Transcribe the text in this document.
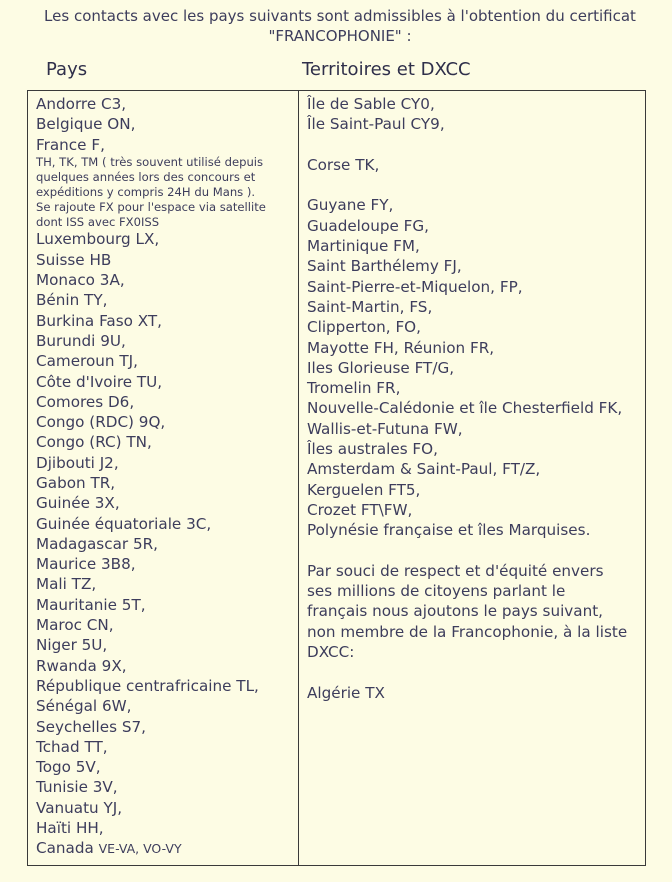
Les contacts avec les pays suivants sont admissibles à l'obtention du certificat
"FRANCOPHONIE" :

Pays	Territoires et DXCC
Andorre C3,
Belgique ON,
France F,
TH, TK, TM ( très souvent utilisé depuis
quelques années lors des concours et
expéditions y compris 24H du Mans ).
Se rajoute FX pour l'espace via satellite
dont ISS avec FX0ISS
Luxembourg LX,
Suisse HB
Monaco 3A,
Bénin TY,
Burkina Faso XT,
Burundi 9U,
Cameroun TJ,
Côte d'Ivoire TU,
Comores D6,
Congo (RDC) 9Q,
Congo (RC) TN,
Djibouti J2,
Gabon TR,
Guinée 3X,
Guinée équatoriale 3C,
Madagascar 5R,
Maurice 3B8,
Mali TZ,
Mauritanie 5T,
Maroc CN,
Niger 5U,
Rwanda 9X,
République centrafricaine TL,
Sénégal 6W,
Seychelles S7,
Tchad TT,
Togo 5V,
Tunisie 3V,
Vanuatu YJ,
Haïti HH,
Canada VE-VA, VO-VY
Île de Sable CY0,
Île Saint-Paul CY9,
Corse TK,
Guyane FY,
Guadeloupe FG,
Martinique FM,
Saint Barthélemy FJ,
Saint-Pierre-et-Miquelon, FP,
Saint-Martin, FS,
Clipperton, FO,
Mayotte FH, Réunion FR,
Iles Glorieuse FT/G,
Tromelin FR,
Nouvelle-Calédonie et île Chesterfield FK,
Wallis-et-Futuna FW,
Îles australes FO,
Amsterdam & Saint-Paul, FT/Z,
Kerguelen FT5,
Crozet FT\FW,
Polynésie française et îles Marquises.
Par souci de respect et d'équité envers
ses millions de citoyens parlant le
français nous ajoutons le pays suivant,
non membre de la Francophonie, à la liste
DXCC:
Algérie TX
